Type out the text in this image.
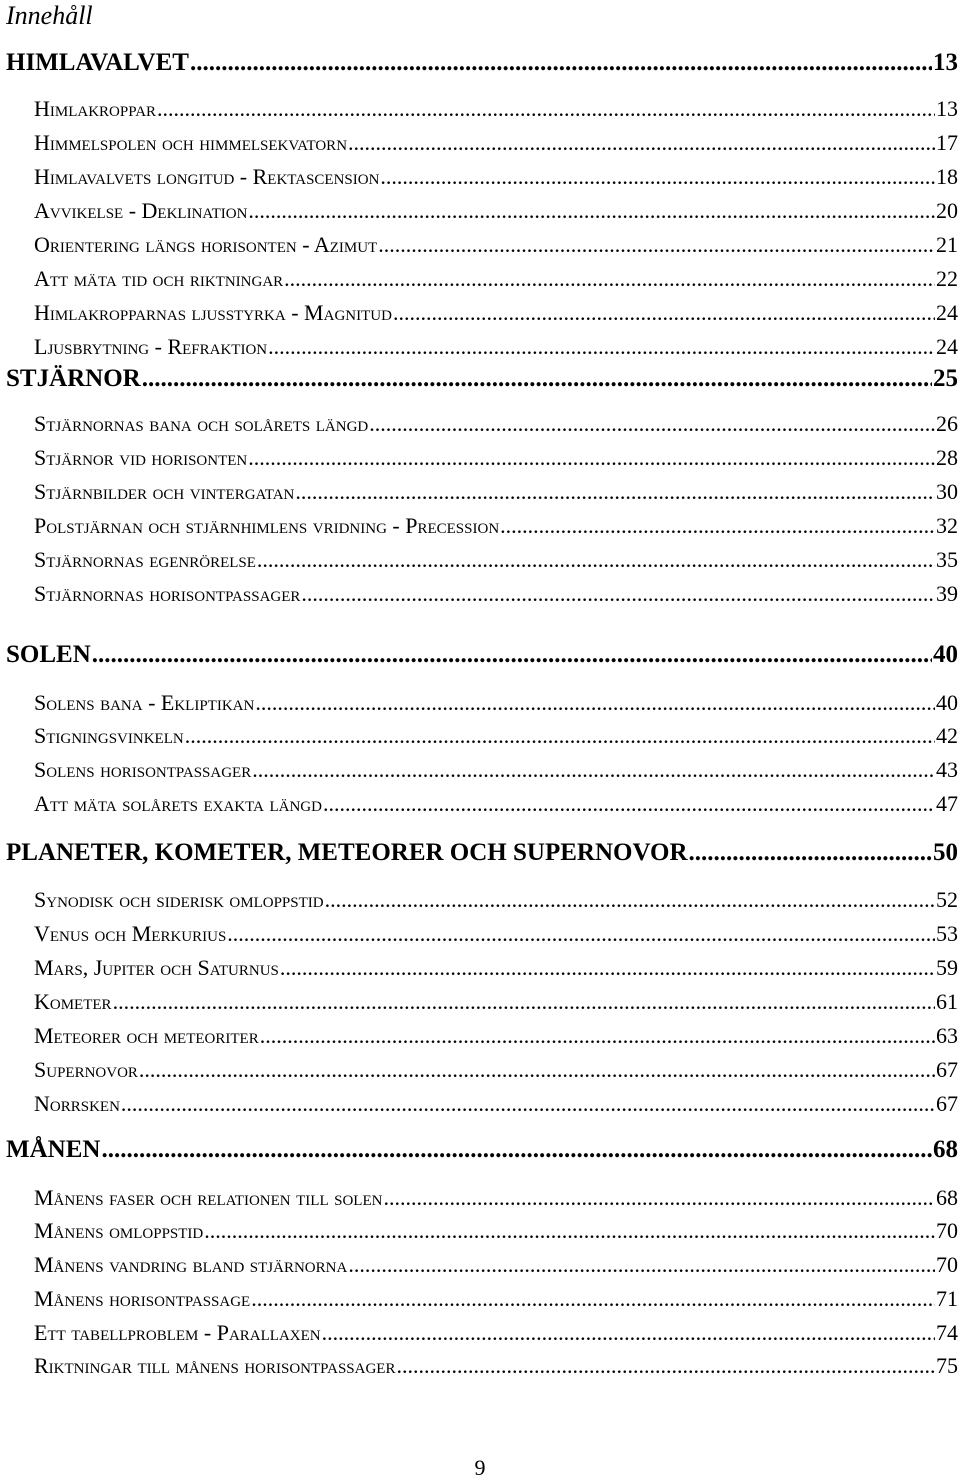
Innehåll
HIMLAVALVET .....	13
Himlakroppar .....	13
Himmelspolen och himmelsekvatorn .....	17
Himlavalvets longitud - Rektascension .....	18
Avvikelse - Deklination .....	20
Orientering längs horisonten - Azimut .....	21
Att mäta tid och riktningar .....	22
Himlakropparnas ljusstyrka - Magnitud .....	24
Ljusbrytning - Refraktion .....	24
STJÄRNOR .....	25
Stjärnornas bana och solårets längd .....	26
Stjärnor vid horisonten .....	28
Stjärnbilder och vintergatan .....	30
Polstjärnan och stjärnhimlens vridning - Precession .....	32
Stjärnornas egenrörelse .....	35
Stjärnornas horisontpassager .....	39
SOLEN .....	40
Solens bana - Ekliptikan .....	40
Stigningsvinkeln .....	42
Solens horisontpassager .....	43
Att mäta solårets exakta längd .....	47
PLANETER, KOMETER, METEORER OCH SUPERNOVOR .....	50
Synodisk och siderisk omloppstid .....	52
Venus och Merkurius .....	53
Mars, Jupiter och Saturnus .....	59
Kometer .....	61
Meteorer och meteoriter .....	63
Supernovor .....	67
Norrsken .....	67
MÅNEN .....	68
Månens faser och relationen till solen .....	68
Månens omloppstid .....	70
Månens vandring bland stjärnorna .....	70
Månens horisontpassage .....	71
Ett tabellproblem - Parallaxen .....	74
Riktningar till månens horisontpassager .....	75
9
